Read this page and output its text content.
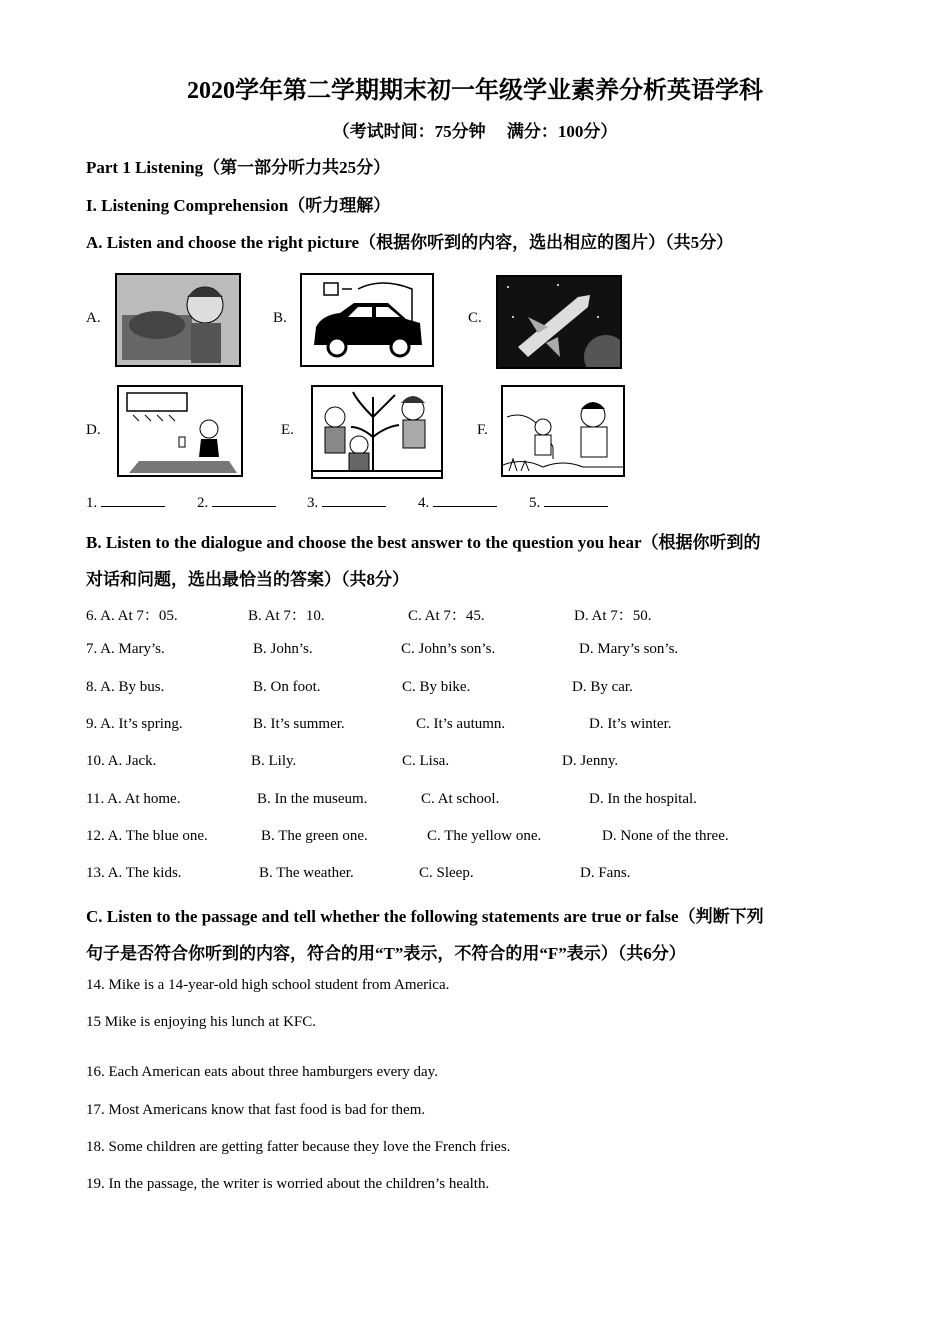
2020学年第二学期期末初一年级学业素养分析英语学科
（考试时间：75分钟　 满分：100分）
Part 1 Listening（第一部分听力共25分）
I. Listening Comprehension（听力理解）
A. Listen and choose the right picture（根据你听到的内容，选出相应的图片）（共5分）
A.	B.	C.
D.	E.	F.
1.	2.	3.	4.	5.
B. Listen to the dialogue and choose the best answer to the question you hear（根据你听到的
对话和问题，选出最恰当的答案）（共8分）
6. A. At 7：05.	B. At 7：10.	C. At 7：45.	D. At 7：50.
7. A. Mary’s.	B. John’s.	C. John’s son’s.	D. Mary’s son’s.
8. A. By bus.	B. On foot.	C. By bike.	D. By car.
9. A. It’s spring.	B. It’s summer.	C. It’s autumn.	D. It’s winter.
10. A. Jack.	B. Lily.	C. Lisa.	D. Jenny.
11. A. At home.	B. In the museum.	C. At school.	D. In the hospital.
12. A. The blue one.	B. The green one.	C. The yellow one.	D. None of the three.
13. A. The kids.	B. The weather.	C. Sleep.	D. Fans.
C. Listen to the passage and tell whether the following statements are true or false（判断下列
句子是否符合你听到的内容，符合的用“T”表示，不符合的用“F”表示）（共6分）
14. Mike is a 14-year-old high school student from America.
15 Mike is enjoying his lunch at KFC.
16. Each American eats about three hamburgers every day.
17. Most Americans know that fast food is bad for them.
18. Some children are getting fatter because they love the French fries.
19. In the passage, the writer is worried about the children’s health.
